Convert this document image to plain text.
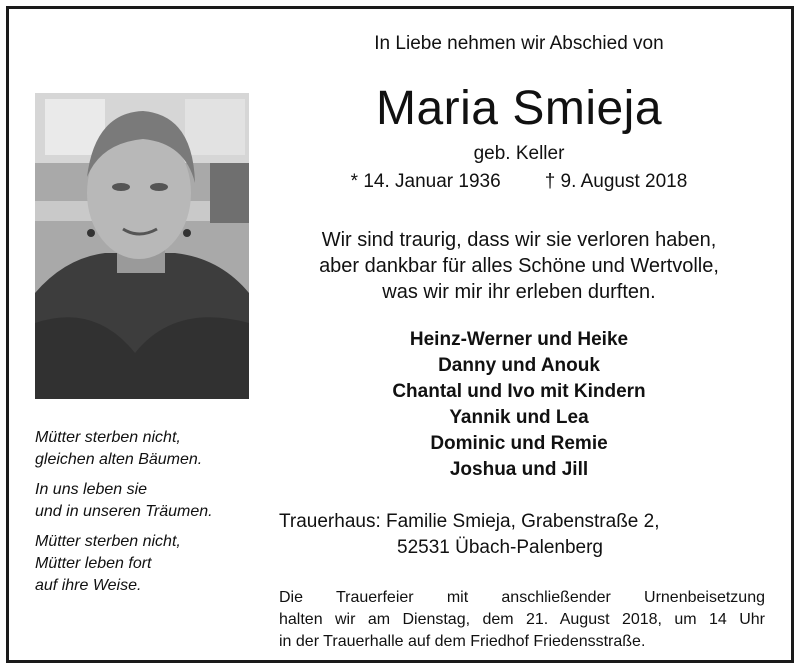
In Liebe nehmen wir Abschied von
Maria Smieja
geb. Keller
* 14. Januar 1936 † 9. August 2018
Wir sind traurig, dass wir sie verloren haben,
aber dankbar für alles Schöne und Wertvolle,
was wir mir ihr erleben durften.
Heinz-Werner und Heike
Danny und Anouk
Chantal und Ivo mit Kindern
Yannik und Lea
Dominic und Remie
Joshua und Jill
Mütter sterben nicht,
gleichen alten Bäumen.
In uns leben sie
und in unseren Träumen.
Mütter sterben nicht,
Mütter leben fort
auf ihre Weise.
Trauerhaus: Familie Smieja, Grabenstraße 2,
52531 Übach-Palenberg
Die Trauerfeier mit anschließender Urnenbeisetzung
halten wir am Dienstag, dem 21. August 2018, um 14 Uhr
in der Trauerhalle auf dem Friedhof Friedensstraße.
